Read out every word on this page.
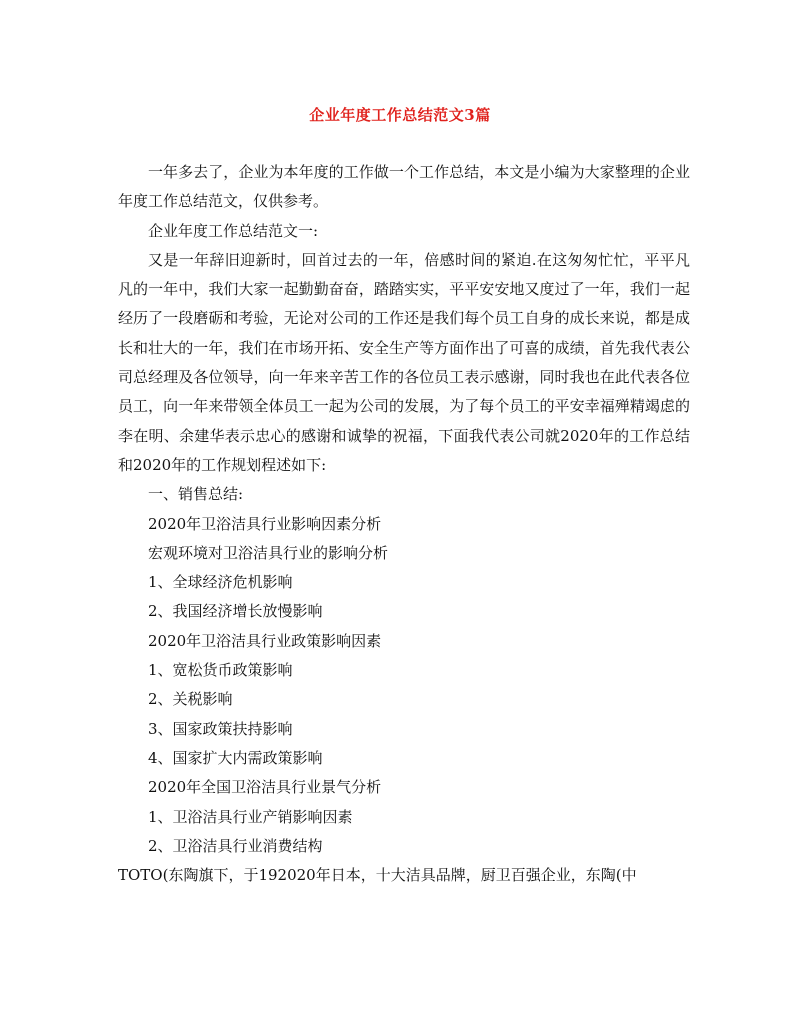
企业年度工作总结范文3篇

一年多去了，企业为本年度的工作做一个工作总结，本文是小编为大家整理的企业年度工作总结范文，仅供参考。

企业年度工作总结范文一:

又是一年辞旧迎新时，回首过去的一年，倍感时间的紧迫.在这匆匆忙忙，平平凡凡的一年中，我们大家一起勤勤奋奋，踏踏实实，平平安安地又度过了一年，我们一起经历了一段磨砺和考验，无论对公司的工作还是我们每个员工自身的成长来说，都是成长和壮大的一年，我们在市场开拓、安全生产等方面作出了可喜的成绩，首先我代表公司总经理及各位领导，向一年来辛苦工作的各位员工表示感谢，同时我也在此代表各位员工，向一年来带领全体员工一起为公司的发展，为了每个员工的平安幸福殚精竭虑的李在明、余建华表示忠心的感谢和诚挚的祝福，下面我代表公司就2020年的工作总结和2020年的工作规划程述如下:

一、销售总结:

2020年卫浴洁具行业影响因素分析

宏观环境对卫浴洁具行业的影响分析

1、全球经济危机影响

2、我国经济增长放慢影响

2020年卫浴洁具行业政策影响因素

1、宽松货币政策影响

2、关税影响

3、国家政策扶持影响

4、国家扩大内需政策影响

2020年全国卫浴洁具行业景气分析

1、卫浴洁具行业产销影响因素

2、卫浴洁具行业消费结构

TOTO(东陶旗下，于192020年日本，十大洁具品牌，厨卫百强企业，东陶(中
